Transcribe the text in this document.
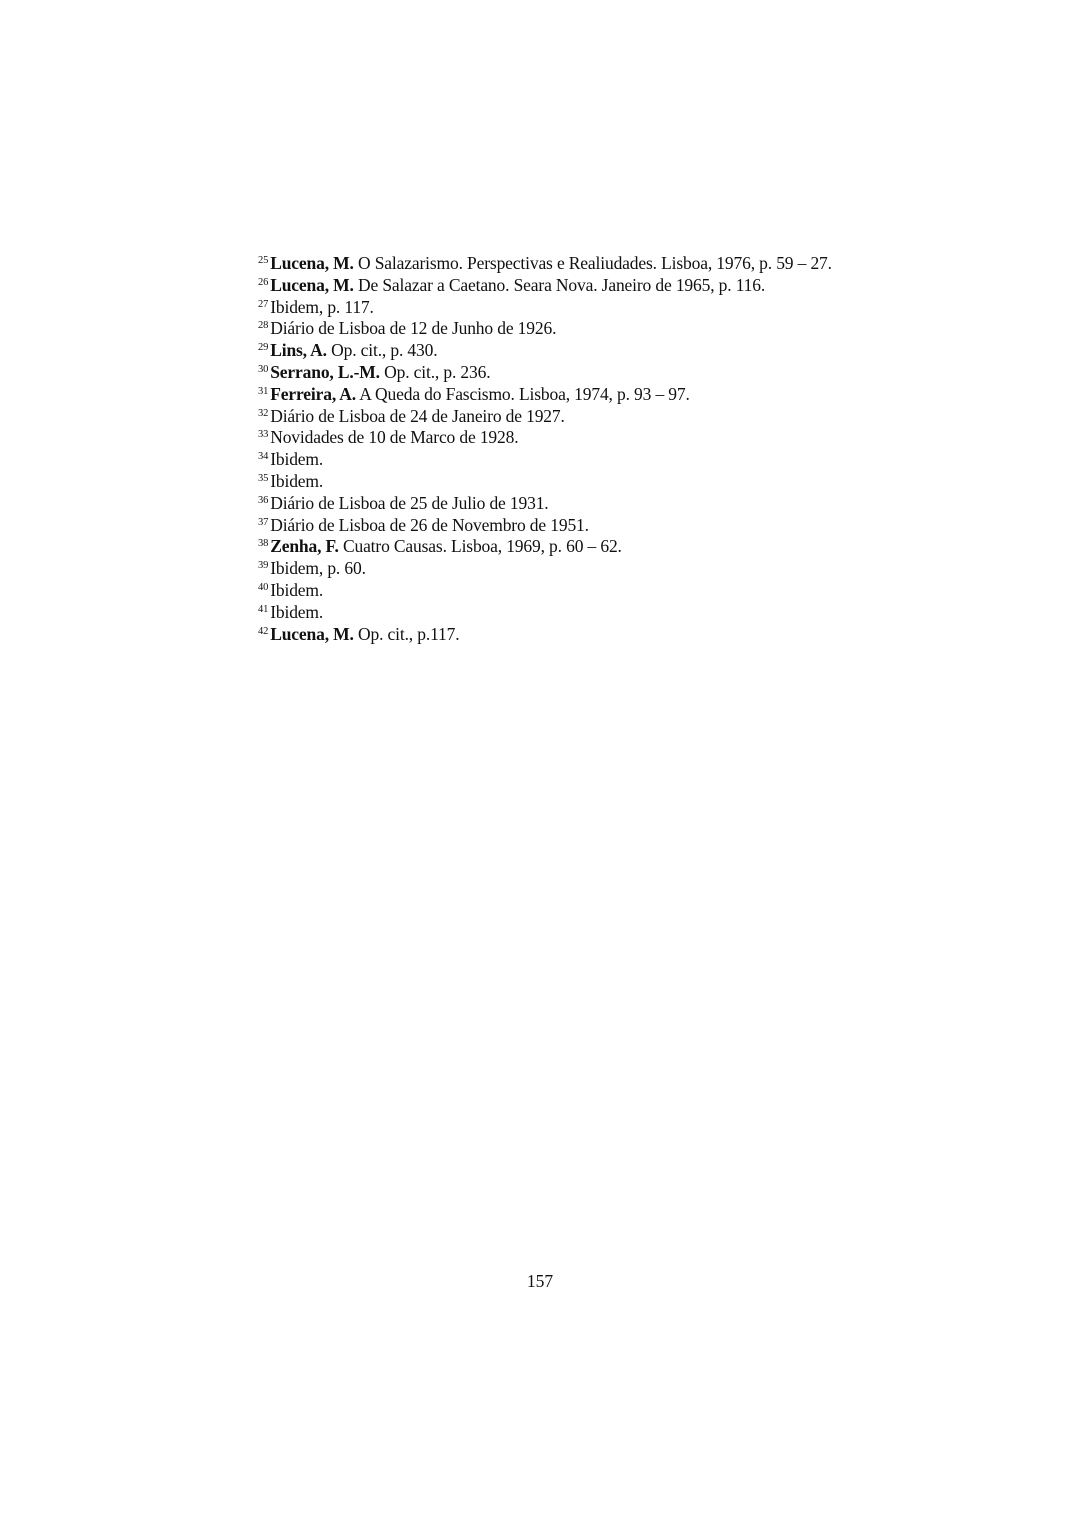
$^{25}$ Lucena, M. O Salazarismo. Perspectivas e Realiudades. Lisboa, 1976, p. 59 – 27.
$^{26}$ Lucena, M. De Salazar a Caetano. Seara Nova. Janeiro de 1965, p. 116.
$^{27}$ Ibidem, p. 117.
$^{28}$ Diário de Lisboa de 12 de Junho de 1926.
$^{29}$ Lins, A. Op. cit., p. 430.
$^{30}$ Serrano, L.-M. Op. cit., p. 236.
$^{31}$ Ferreira, A. A Queda do Fascismo. Lisboa, 1974, p. 93 – 97.
$^{32}$ Diário de Lisboa de 24 de Janeiro de 1927.
$^{33}$ Novidades de 10 de Marco de 1928.
$^{34}$ Ibidem.
$^{35}$ Ibidem.
$^{36}$ Diário de Lisboa de 25 de Julio de 1931.
$^{37}$ Diário de Lisboa de 26 de Novembro de 1951.
$^{38}$ Zenha, F. Cuatro Causas. Lisboa, 1969, p. 60 – 62.
$^{39}$ Ibidem, p. 60.
$^{40}$ Ibidem.
$^{41}$ Ibidem.
$^{42}$ Lucena, M. Op. cit., p.117.
157
